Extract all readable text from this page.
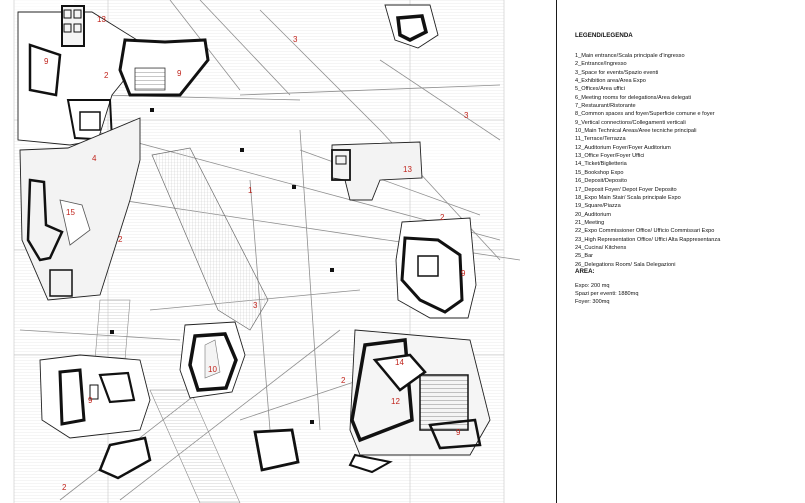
13
3
9
2	9
3
4
13
1
15
2
2
9
3
10
14
2
9	12
9
2
LEGEND/LEGENDA
1_Main entrance/Scala principale d'ingresso
2_Entrance/Ingresso
3_Space for events/Spazio eventi
4_Exhibition area/Area Expo
5_Offices/Area uffici
6_Meeting rooms for delegations/Area delegati
7_Restaurant/Ristorante
8_Common spaces and foyer/Superficie comune e foyer
9_Vertical connections/Collegamenti verticali
10_Main Technical Areas/Aree tecniche principali
11_Terrace/Terrazza
12_Auditorium Foyer/Foyer Auditorium
13_Office Foyer/Foyer Uffici
14_Ticket/Biglietteria
15_Bookshop Expo
16_Deposit/Deposito
17_Deposit Foyer/ Depot Foyer Deposito
18_Expo Main Stair/ Scala principale Expo
19_Square/Piazza
20_Auditorium
21_Meeting
22_Expo Commissioner Office/ Ufficio Commissari Expo
23_High Representation Office/ Uffici Alta Rappresentanza
24_Cucina/ Kitchens
25_Bar
26_Delegations Room/ Sala Delegazioni
AREA:
Expo: 200 mq
Spazi per eventi: 1880mq
Foyer: 300mq
